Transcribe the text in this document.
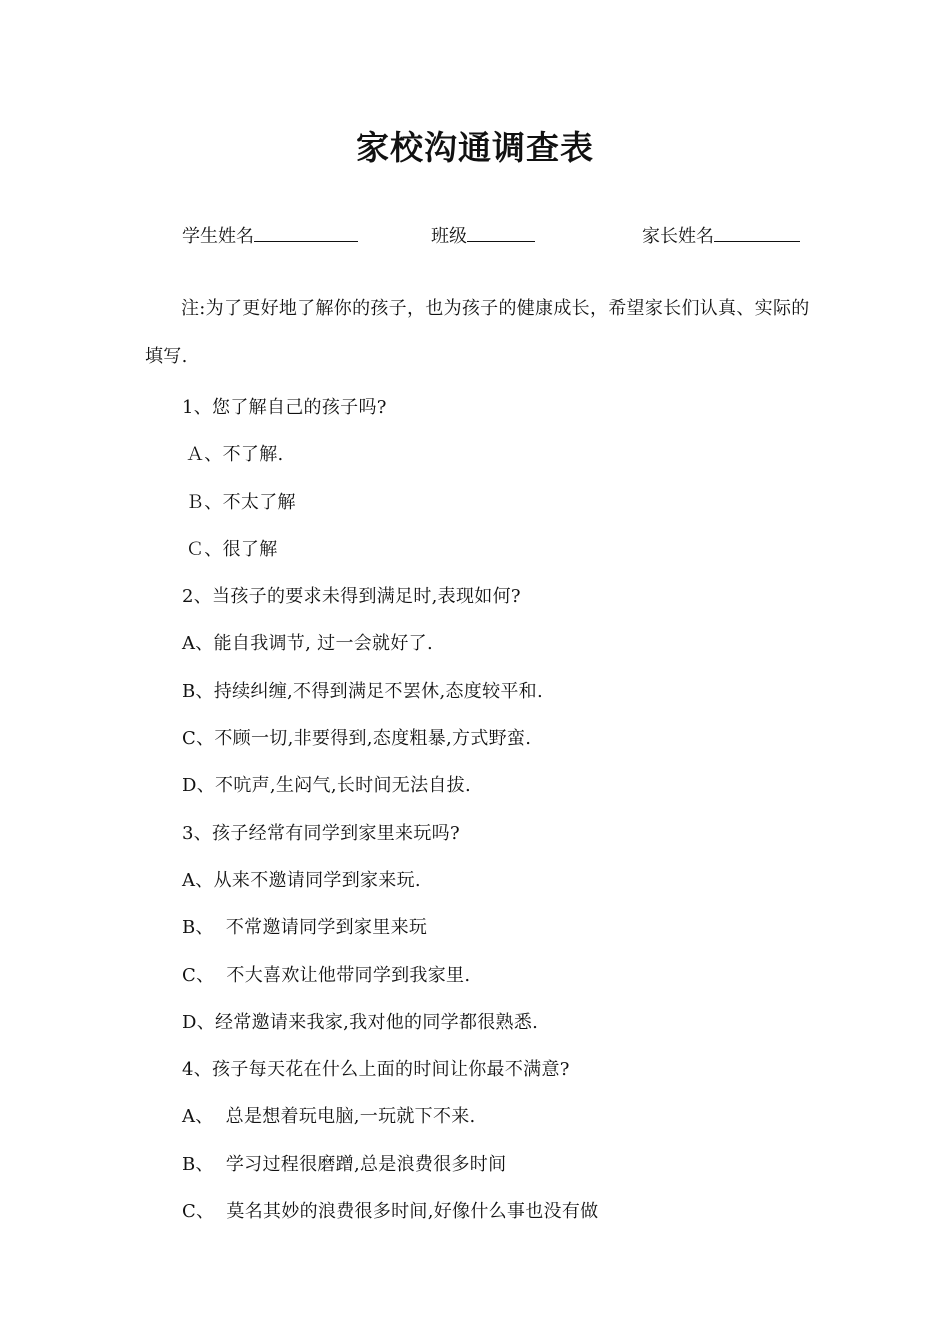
家校沟通调查表
学生姓名	班级	家长姓名
注:为了更好地了解你的孩子，也为孩子的健康成长，希望家长们认真、实际的填写.
1、您了解自己的孩子吗?
Ａ、不了解.
Ｂ、不太了解
Ｃ、很了解
2、当孩子的要求未得到满足时,表现如何?
A、能自我调节, 过一会就好了.
B、持续纠缠,不得到满足不罢休,态度较平和.
C、不顾一切,非要得到,态度粗暴,方式野蛮.
D、不吭声,生闷气,长时间无法自拔.
3、孩子经常有同学到家里来玩吗?
A、从来不邀请同学到家来玩.
B、  不常邀请同学到家里来玩
C、  不大喜欢让他带同学到我家里.
D、经常邀请来我家,我对他的同学都很熟悉.
4、孩子每天花在什么上面的时间让你最不满意?
A、  总是想着玩电脑,一玩就下不来.
B、  学习过程很磨蹭,总是浪费很多时间
C、  莫名其妙的浪费很多时间,好像什么事也没有做
